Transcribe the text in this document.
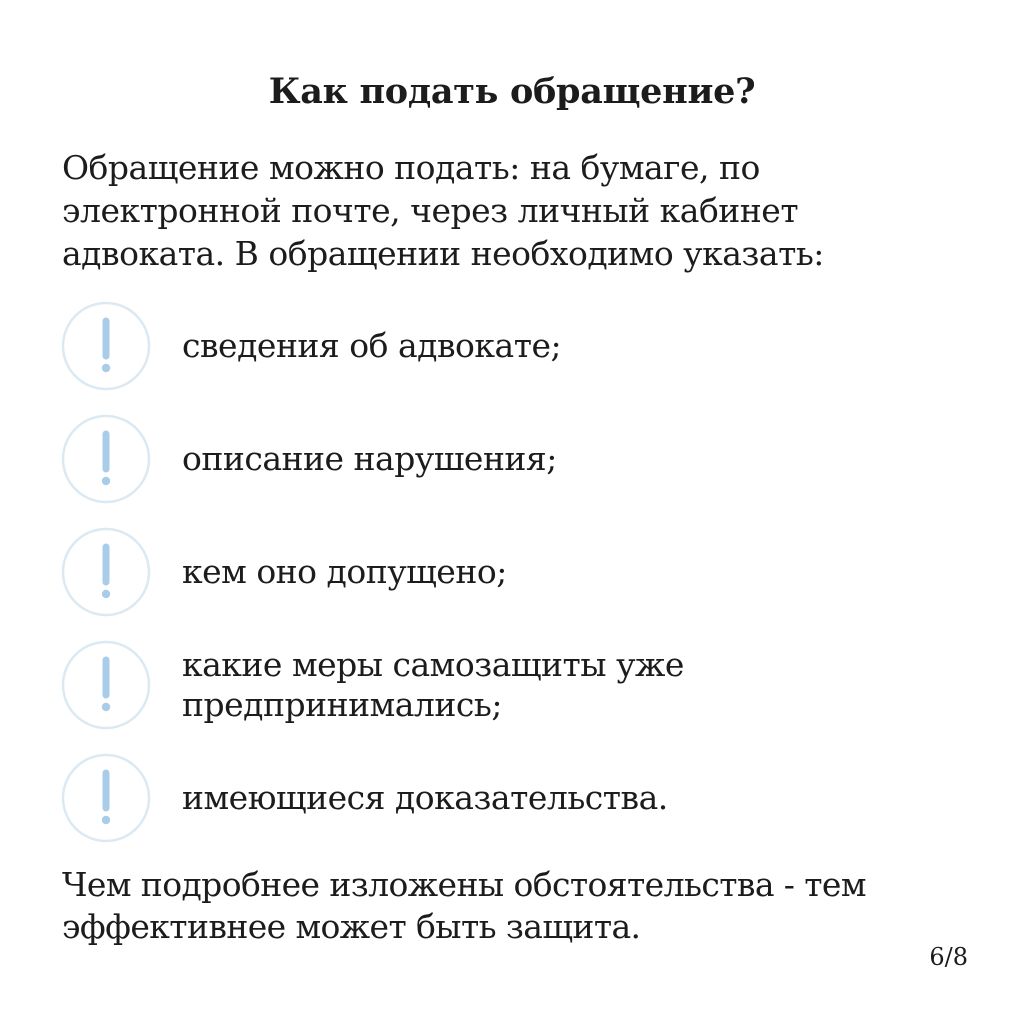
Как подать обращение?
Обращение можно подать: на бумаге, по
электронной почте, через личный кабинет
адвоката. В обращении необходимо указать:
сведения об адвокате;
описание нарушения;
кем оно допущено;
какие меры самозащиты уже
предпринимались;
имеющиеся доказательства.
Чем подробнее изложены обстоятельства - тем
эффективнее может быть защита.
6/8
